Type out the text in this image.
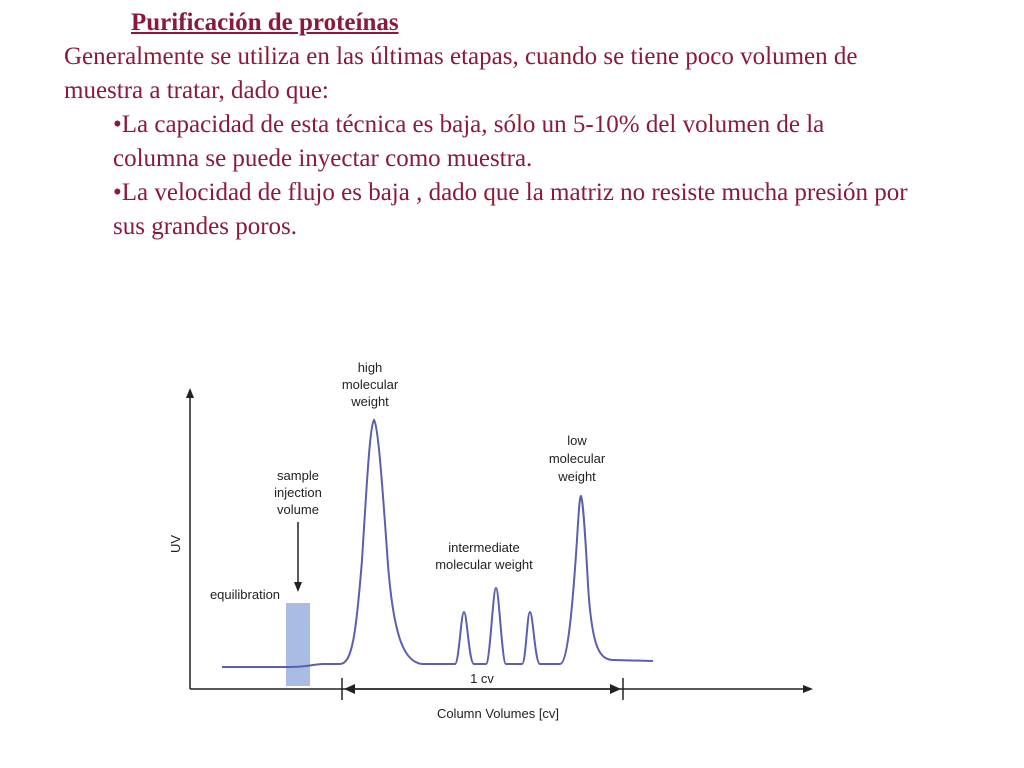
Purificación de proteínas

Generalmente se utiliza en las últimas etapas, cuando se tiene poco volumen de muestra a tratar, dado que:

•La capacidad de esta técnica es baja, sólo un 5-10% del volumen de la columna se puede inyectar como muestra.
•La velocidad de flujo es baja , dado que la matriz no resiste mucha presión por sus grandes poros.
1 cv
UV
Column Volumes [cv]
equilibration
sample
injection
volume
high
molecular
weight
intermediate
molecular weight
low
molecular
weight
